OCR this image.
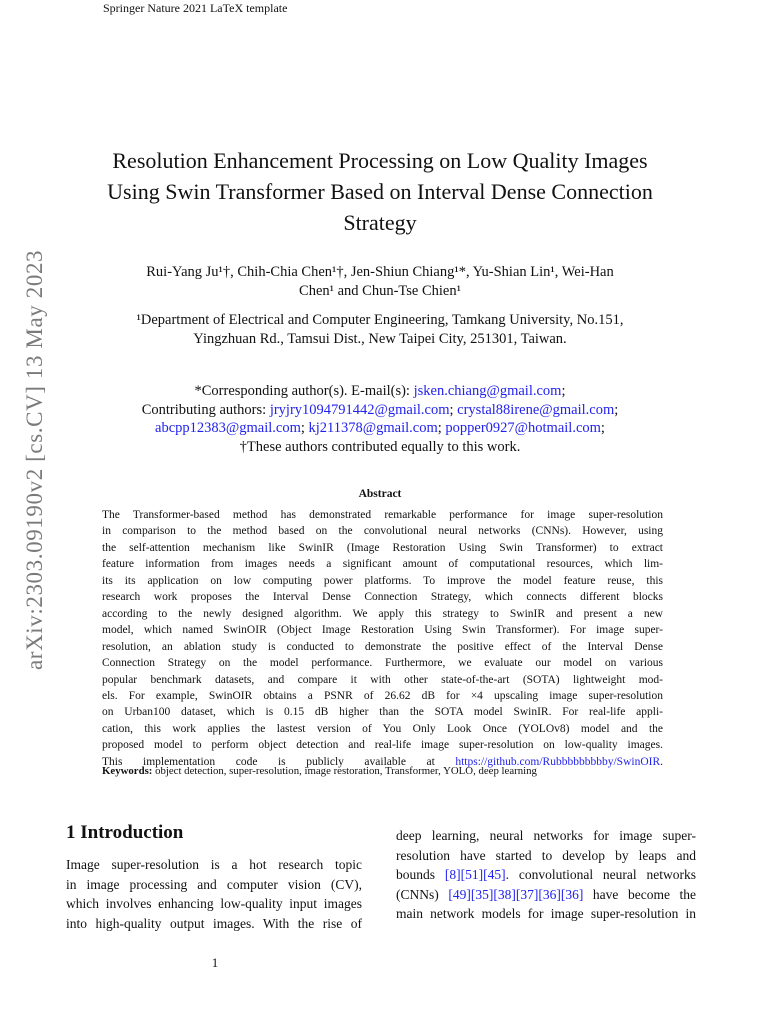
Springer Nature 2021 LaTeX template
arXiv:2303.09190v2 [cs.CV] 13 May 2023
Resolution Enhancement Processing on Low Quality Images
Using Swin Transformer Based on Interval Dense Connection
Strategy
Rui-Yang Ju¹†, Chih-Chia Chen¹†, Jen-Shiun Chiang¹*, Yu-Shian Lin¹, Wei-Han
Chen¹ and Chun-Tse Chien¹
¹Department of Electrical and Computer Engineering, Tamkang University, No.151,
Yingzhuan Rd., Tamsui Dist., New Taipei City, 251301, Taiwan.
*Corresponding author(s). E-mail(s): jsken.chiang@gmail.com;
Contributing authors: jryjry1094791442@gmail.com; crystal88irene@gmail.com;
abcpp12383@gmail.com; kj211378@gmail.com; popper0927@hotmail.com;
†These authors contributed equally to this work.
Abstract
The Transformer-based method has demonstrated remarkable performance for image super-resolution
in comparison to the method based on the convolutional neural networks (CNNs). However, using
the self-attention mechanism like SwinIR (Image Restoration Using Swin Transformer) to extract
feature information from images needs a significant amount of computational resources, which lim-
its its application on low computing power platforms. To improve the model feature reuse, this
research work proposes the Interval Dense Connection Strategy, which connects different blocks
according to the newly designed algorithm. We apply this strategy to SwinIR and present a new
model, which named SwinOIR (Object Image Restoration Using Swin Transformer). For image super-
resolution, an ablation study is conducted to demonstrate the positive effect of the Interval Dense
Connection Strategy on the model performance. Furthermore, we evaluate our model on various
popular benchmark datasets, and compare it with other state-of-the-art (SOTA) lightweight mod-
els. For example, SwinOIR obtains a PSNR of 26.62 dB for ×4 upscaling image super-resolution
on Urban100 dataset, which is 0.15 dB higher than the SOTA model SwinIR. For real-life appli-
cation, this work applies the lastest version of You Only Look Once (YOLOv8) model and the
proposed model to perform object detection and real-life image super-resolution on low-quality images.
This implementation code is publicly available at https://github.com/Rubbbbbbbbby/SwinOIR.
Keywords: object detection, super-resolution, image restoration, Transformer, YOLO, deep learning
1 Introduction
Image super-resolution is a hot research topic
in image processing and computer vision (CV),
which involves enhancing low-quality input images
into high-quality output images. With the rise of
deep learning, neural networks for image super-
resolution have started to develop by leaps and
bounds [8][51][45]. convolutional neural networks
(CNNs) [49][35][38][37][36][36] have become the
main network models for image super-resolution in
1
